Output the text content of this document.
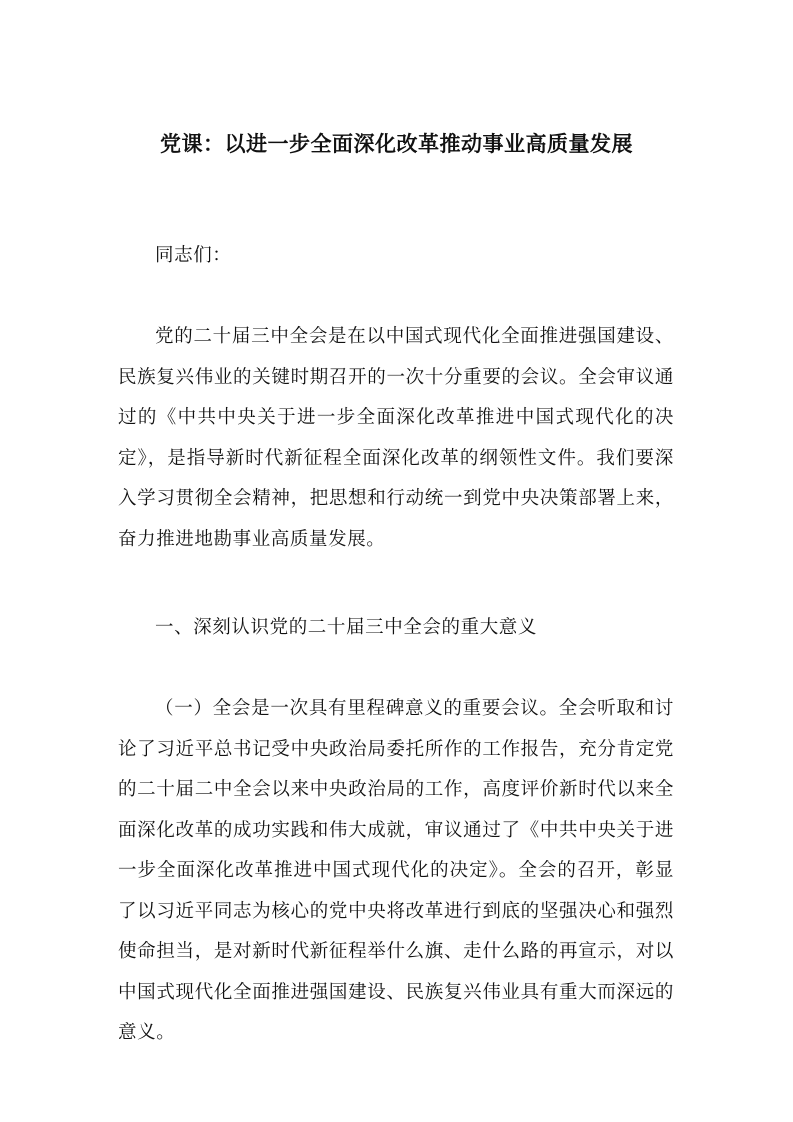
党课：以进一步全面深化改革推动事业高质量发展

同志们：

党的二十届三中全会是在以中国式现代化全面推进强国建设、民族复兴伟业的关键时期召开的一次十分重要的会议。全会审议通过的《中共中央关于进一步全面深化改革推进中国式现代化的决定》，是指导新时代新征程全面深化改革的纲领性文件。我们要深入学习贯彻全会精神，把思想和行动统一到党中央决策部署上来，奋力推进地勘事业高质量发展。

一、深刻认识党的二十届三中全会的重大意义

（一）全会是一次具有里程碑意义的重要会议。全会听取和讨论了习近平总书记受中央政治局委托所作的工作报告，充分肯定党的二十届二中全会以来中央政治局的工作，高度评价新时代以来全面深化改革的成功实践和伟大成就，审议通过了《中共中央关于进一步全面深化改革推进中国式现代化的决定》。全会的召开，彰显了以习近平同志为核心的党中央将改革进行到底的坚强决心和强烈使命担当，是对新时代新征程举什么旗、走什么路的再宣示，对以中国式现代化全面推进强国建设、民族复兴伟业具有重大而深远的意义。
